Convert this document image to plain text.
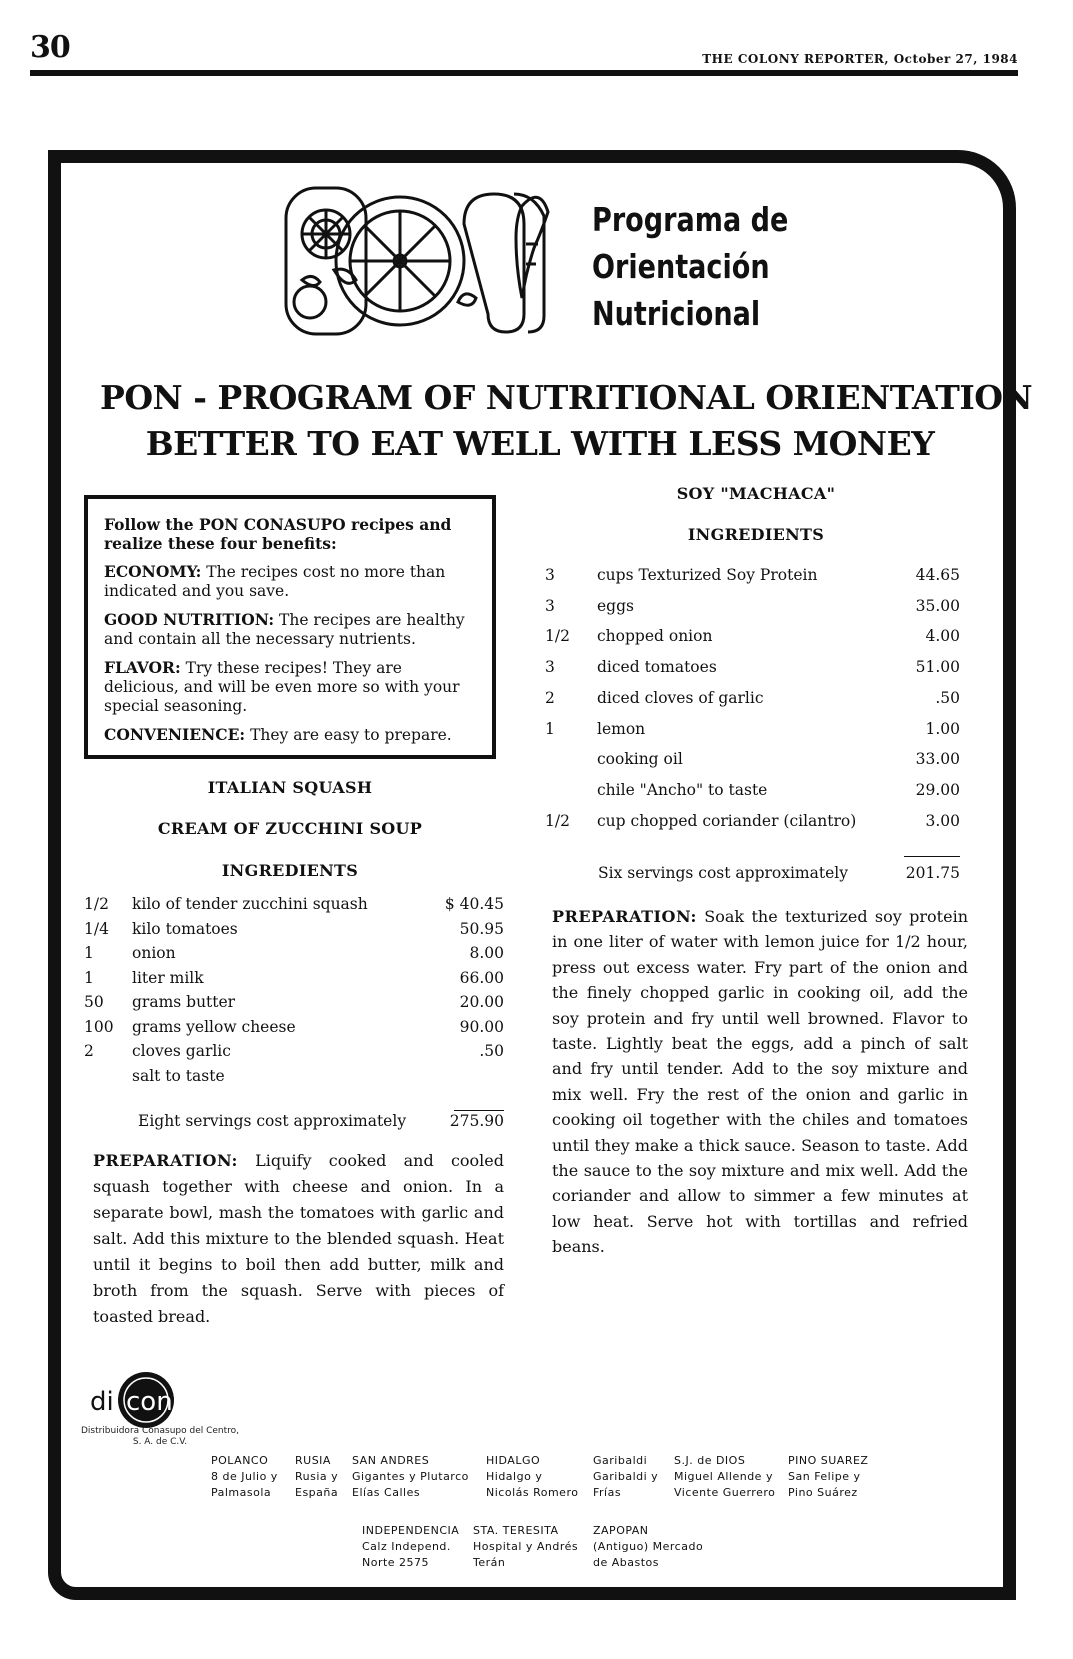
30	THE COLONY REPORTER, October 27, 1984
Programa de
Orientación
Nutricional
PON - PROGRAM OF NUTRITIONAL ORIENTATION
BETTER TO EAT WELL WITH LESS MONEY

Follow the PON CONASUPO recipes and realize these four benefits:

ECONOMY: The recipes cost no more than indicated and you save.

GOOD NUTRITION: The recipes are healthy and contain all the necessary nutrients.

FLAVOR: Try these recipes! They are delicious, and will be even more so with your special seasoning.

CONVENIENCE: They are easy to prepare.

ITALIAN SQUASH
CREAM OF ZUCCHINI SOUP
INGREDIENTS
1/2 kilo of tender zucchini squash	$ 40.45
1/4 kilo tomatoes	50.95
1 onion	8.00
1 liter milk	66.00
50 grams butter	20.00
100 grams yellow cheese	90.00
2 cloves garlic	.50
salt to taste
Eight servings cost approximately	275.90
PREPARATION: Liquify cooked and cooled squash together with cheese and onion. In a separate bowl, mash the tomatoes with garlic and salt. Add this mixture to the blended squash. Heat until it begins to boil then add butter, milk and broth from the squash. Serve with pieces of toasted bread.
SOY "MACHACA"
INGREDIENTS
3	cups Texturized Soy Protein	44.65
3	eggs	35.00
1/2 chopped onion	4.00
3	diced tomatoes	51.00
2	diced cloves of garlic	.50
1	lemon	1.00
cooking oil	33.00
chile "Ancho" to taste	29.00
1/2 cup chopped coriander (cilantro)	3.00
Six servings cost approximately	201.75
PREPARATION: Soak the texturized soy protein in one liter of water with lemon juice for 1/2 hour, press out excess water. Fry part of the onion and the finely chopped garlic in cooking oil, add the soy protein and fry until well browned. Flavor to taste. Lightly beat the eggs, add a pinch of salt and fry until tender. Add to the soy mixture and mix well. Fry the rest of the onion and garlic in cooking oil together with the chiles and tomatoes until they make a thick sauce. Season to taste. Add the sauce to the soy mixture and mix well. Add the coriander and allow to simmer a few minutes at low heat. Serve hot with tortillas and refried beans.
di consa
Distribuidora Conasupo del Centro, S. A. de C.V.
POLANCO
8 de Julio y
Palmasola
RUSIA
Rusia y
España
SAN ANDRES
Gigantes y Plutarco
Elías Calles
HIDALGO
Hidalgo y
Nicolás Romero
Garibaldi
Garibaldi y
Frías
S.J. de DIOS
Miguel Allende y
Vicente Guerrero
PINO SUAREZ
San Felipe y
Pino Suárez
INDEPENDENCIA
Calz Independ.
Norte 2575
STA. TERESITA
Hospital y Andrés
Terán
ZAPOPAN
(Antiguo) Mercado
de Abastos
